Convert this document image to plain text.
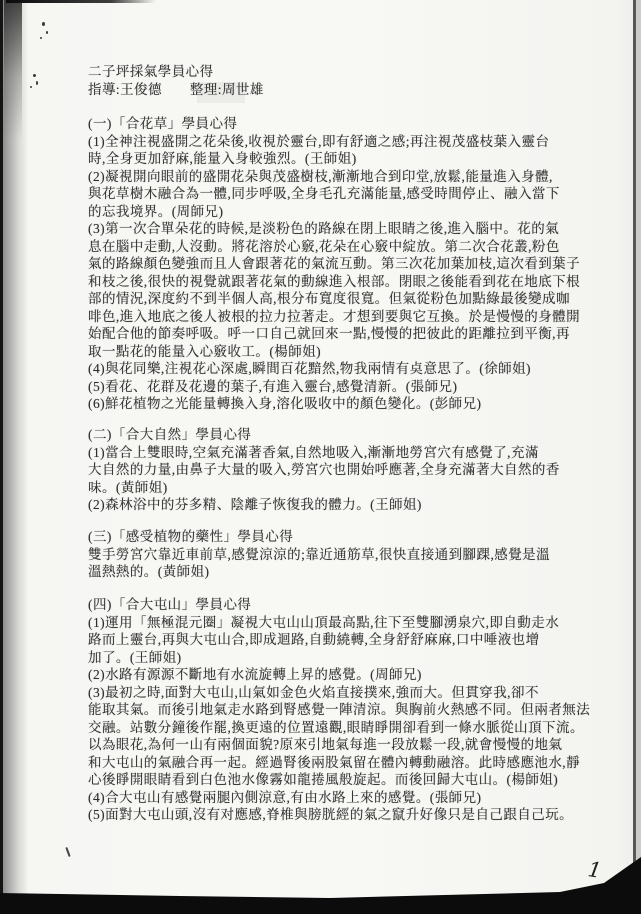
1
二子坪採氣學員心得
指導:王俊德　　整理:周世雄
(一)「合花草」學員心得
(1)全神注視盛開之花朵後,收視於靈台,即有舒適之感;再注視茂盛枝葉入靈台
時,全身更加舒麻,能量入身較強烈。(王師姐)
(2)凝視開向眼前的盛開花朵與茂盛樹枝,漸漸地合到印堂,放鬆,能量進入身體,
與花草樹木融合為一體,同步呼吸,全身毛孔充滿能量,感受時間停止、融入當下
的忘我境界。(周師兄)
(3)第一次合單朵花的時候,是淡粉色的路線在閉上眼睛之後,進入腦中。花的氣
息在腦中走動,人沒動。將花溶於心竅,花朵在心竅中綻放。第二次合花叢,粉色
氣的路線顏色變強而且人會跟著花的氣流互動。第三次花加葉加枝,這次看到葉子
和枝之後,很快的視覺就跟著花氣的動線進入根部。閉眼之後能看到花在地底下根
部的情況,深度約不到半個人高,根分布寬度很寬。但氣從粉色加點綠最後變成咖
啡色,進入地底之後人被根的拉力拉著走。才想到要與它互換。於是慢慢的身體開
始配合他的節奏呼吸。呼一口自己就回來一點,慢慢的把彼此的距離拉到平衡,再
取一點花的能量入心竅收工。(楊師姐)
(4)與花同樂,注視花心深處,瞬間百花黯然,物我兩情有奌意思了。(徐師姐)
(5)看花、花群及花邊的葉子,有進入靈台,感覺清新。(張師兄)
(6)鮮花植物之光能量轉換入身,溶化吸收中的顏色變化。(彭師兄)
(二)「合大自然」學員心得
(1)當合上雙眼時,空氣充滿著香氣,自然地吸入,漸漸地勞宮穴有感覺了,充滿
大自然的力量,由鼻子大量的吸入,勞宮穴也開始呼應著,全身充滿著大自然的香
味。(黃師姐)
(2)森林浴中的芬多精、陰離子恢復我的體力。(王師姐)
(三)「感受植物的藥性」學員心得
雙手勞宮穴靠近車前草,感覺涼涼的;靠近通筋草,很快直接通到腳踝,感覺是溫
溫熱熱的。(黃師姐)
(四)「合大屯山」學員心得
(1)運用「無極混元圈」凝視大屯山山頂最高點,往下至雙腳湧泉穴,即自動走水
路而上靈台,再與大屯山合,即成迴路,自動繞轉,全身舒舒麻麻,口中唾液也增
加了。(王師姐)
(2)水路有源源不斷地有水流旋轉上昇的感覺。(周師兄)
(3)最初之時,面對大屯山,山氣如金色火焰直接撲來,強而大。但貫穿我,卻不
能取其氣。而後引地氣走水路到腎感覺一陣清涼。與胸前火熱感不同。但兩者無法
交融。站數分鐘後作罷,換更遠的位置遠觀,眼睛睜開卻看到一條水脈從山頂下流。
以為眼花,為何一山有兩個面貌?原來引地氣每進一段放鬆一段,就會慢慢的地氣
和大屯山的氣融合再一起。經過腎後兩股氣留在體內轉動融溶。此時感應池水,靜
心後睜開眼睛看到白色池水像霧如龍捲風般旋起。而後回歸大屯山。(楊師姐)
(4)合大屯山有感覺兩腿內側涼意,有由水路上來的感覺。(張師兄)
(5)面對大屯山頭,沒有对應感,脊椎與膀胱經的氣之竄升好像只是自己跟自己玩。
